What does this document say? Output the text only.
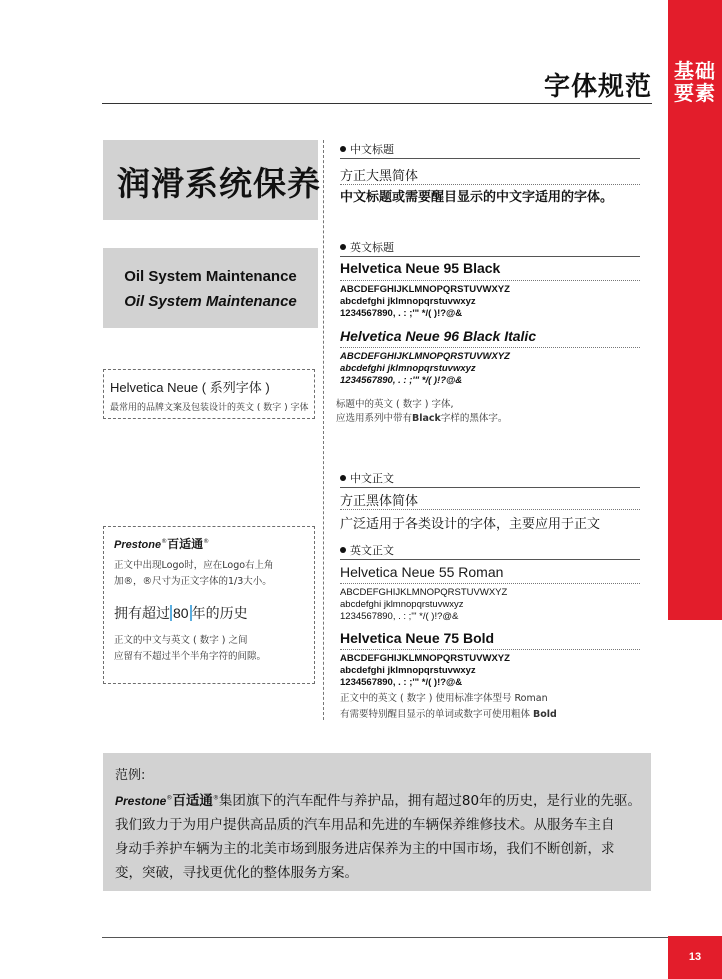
基础
要素
字体规范
润滑系统保养
Oil System Maintenance
Oil System Maintenance
Helvetica Neue ( 系列字体 )
最常用的品牌文案及包装设计的英文 ( 数字 ) 字体
中文标题
方正大黑简体
中文标题或需要醒目显示的中文字适用的字体。
英文标题
Helvetica Neue 95 Black
ABCDEFGHIJKLMNOPQRSTUVWXYZ
abcdefghi jklmnopqrstuvwxyz
1234567890, . : ;'" */( )!?@&
Helvetica Neue 96 Black Italic
ABCDEFGHIJKLMNOPQRSTUVWXYZ
abcdefghi jklmnopqrstuvwxyz
1234567890, . : ;'" */( )!?@&
标题中的英文 ( 数字 ) 字体,
应选用系列中带有Black字样的黑体字。
中文正文
方正黑体简体
广泛适用于各类设计的字体，主要应用于正文
英文正文
Helvetica Neue 55 Roman
ABCDEFGHIJKLMNOPQRSTUVWXYZ
abcdefghi jklmnopqrstuvwxyz
1234567890, . : ;'" */( )!?@&
Helvetica Neue 75 Bold
ABCDEFGHIJKLMNOPQRSTUVWXYZ
abcdefghi jklmnopqrstuvwxyz
1234567890, . : ;'" */( )!?@&
正文中的英文 ( 数字 ) 使用标准字体型号 Roman
有需要特别醒目显示的单词或数字可使用粗体 Bold
Prestone®百适通®
正文中出现Logo时，应在Logo右上角
加®，®尺寸为正文字体的1/3大小。
拥有超过 80 年的历史
正文的中文与英文 ( 数字 ) 之间
应留有不超过半个半角字符的间隙。
范例:
Prestone®百适通®集团旗下的汽车配件与养护品，拥有超过80年的历史，是行业的先驱。
我们致力于为用户提供高品质的汽车用品和先进的车辆保养维修技术。从服务车主自
身动手养护车辆为主的北美市场到服务进店保养为主的中国市场，我们不断创新，求
变，突破，寻找更优化的整体服务方案。
13
